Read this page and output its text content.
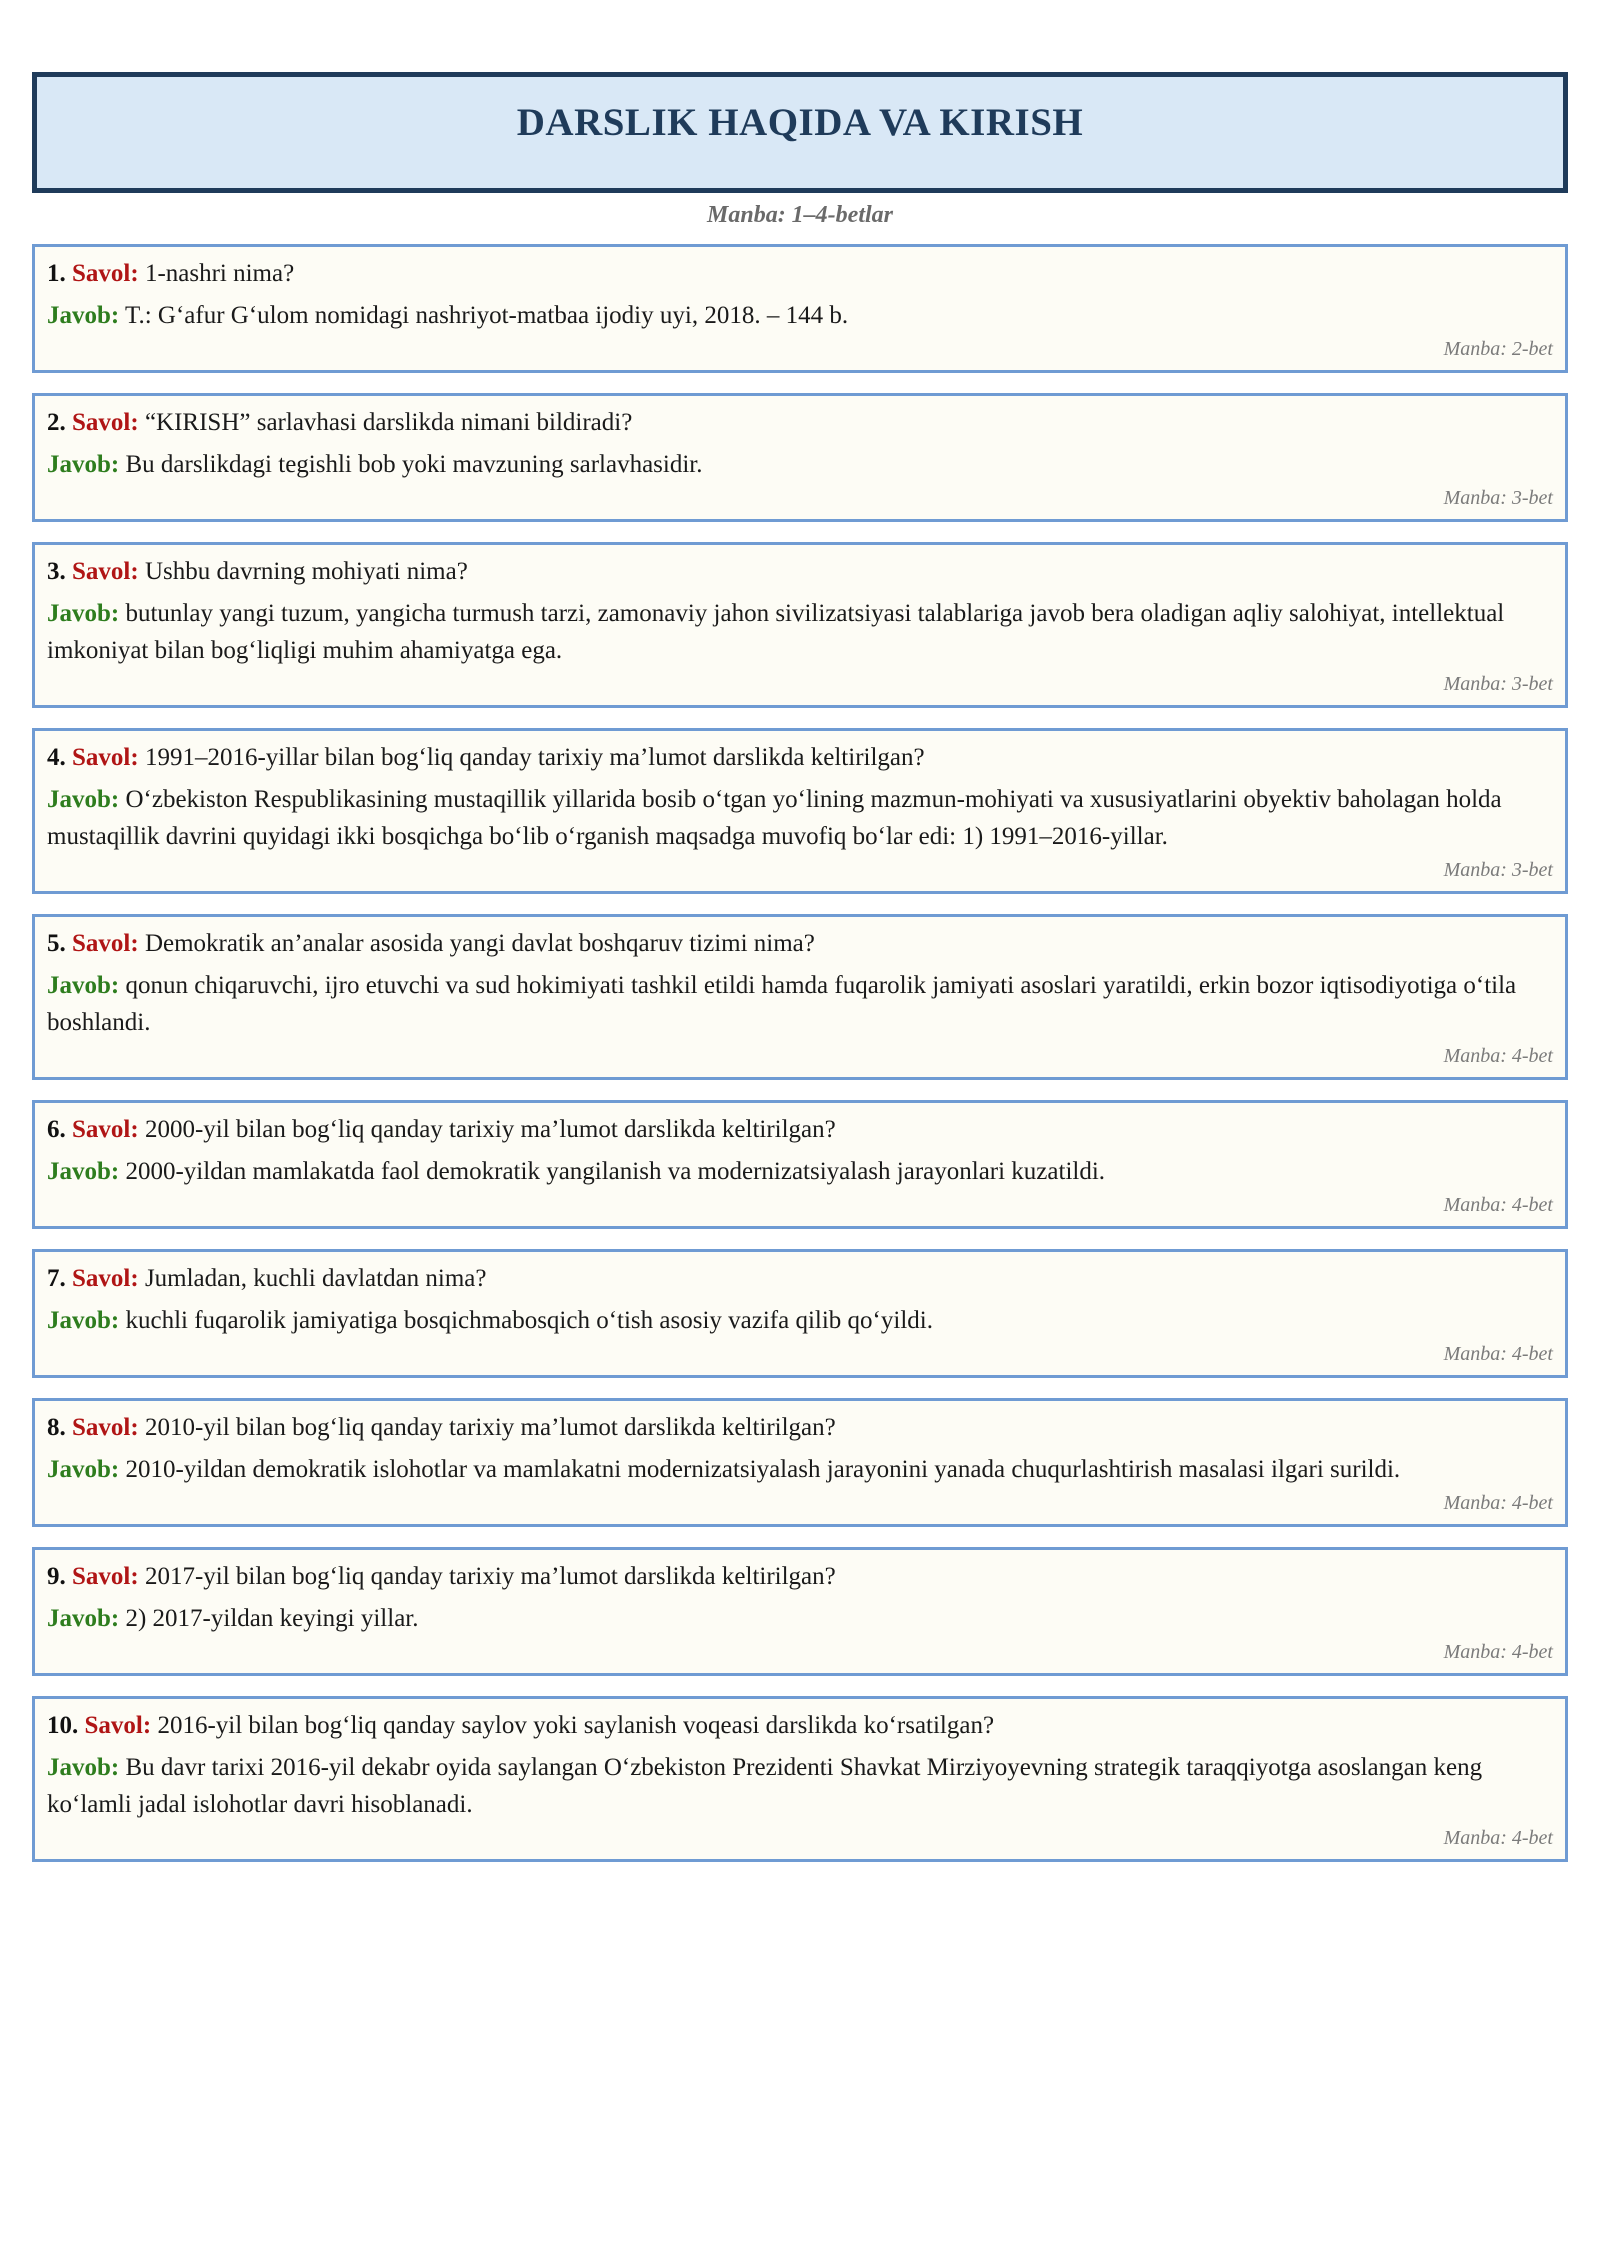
DARSLIK HAQIDA VA KIRISH
Manba: 1–4-betlar
1. Savol: 1-nashri nima?
Javob: T.: G‘afur G‘ulom nomidagi nashriyot-matbaa ijodiy uyi, 2018. – 144 b.
Manba: 2-bet
2. Savol: “KIRISH” sarlavhasi darslikda nimani bildiradi?
Javob: Bu darslikdagi tegishli bob yoki mavzuning sarlavhasidir.
Manba: 3-bet
3. Savol: Ushbu davrning mohiyati nima?
Javob: butunlay yangi tuzum, yangicha turmush tarzi, zamonaviy jahon sivilizatsiyasi talablariga javob bera oladigan aqliy salohiyat, intellektual imkoniyat bilan bog‘liqligi muhim ahamiyatga ega.
Manba: 3-bet
4. Savol: 1991–2016-yillar bilan bog‘liq qanday tarixiy ma’lumot darslikda keltirilgan?
Javob: O‘zbekiston Respublikasining mustaqillik yillarida bosib o‘tgan yo‘lining mazmun-mohiyati va xususiyatlarini obyektiv baholagan holda mustaqillik davrini quyidagi ikki bosqichga bo‘lib o‘rganish maqsadga muvofiq bo‘lar edi: 1) 1991–2016-yillar.
Manba: 3-bet
5. Savol: Demokratik an’analar asosida yangi davlat boshqaruv tizimi nima?
Javob: qonun chiqaruvchi, ijro etuvchi va sud hokimiyati tashkil etildi hamda fuqarolik jamiyati asoslari yaratildi, erkin bozor iqtisodiyotiga o‘tila boshlandi.
Manba: 4-bet
6. Savol: 2000-yil bilan bog‘liq qanday tarixiy ma’lumot darslikda keltirilgan?
Javob: 2000-yildan mamlakatda faol demokratik yangilanish va modernizatsiyalash jarayonlari kuzatildi.
Manba: 4-bet
7. Savol: Jumladan, kuchli davlatdan nima?
Javob: kuchli fuqarolik jamiyatiga bosqichmabosqich o‘tish asosiy vazifa qilib qo‘yildi.
Manba: 4-bet
8. Savol: 2010-yil bilan bog‘liq qanday tarixiy ma’lumot darslikda keltirilgan?
Javob: 2010-yildan demokratik islohotlar va mamlakatni modernizatsiyalash jarayonini yanada chuqurlashtirish masalasi ilgari surildi.
Manba: 4-bet
9. Savol: 2017-yil bilan bog‘liq qanday tarixiy ma’lumot darslikda keltirilgan?
Javob: 2) 2017-yildan keyingi yillar.
Manba: 4-bet
10. Savol: 2016-yil bilan bog‘liq qanday saylov yoki saylanish voqeasi darslikda ko‘rsatilgan?
Javob: Bu davr tarixi 2016-yil dekabr oyida saylangan O‘zbekiston Prezidenti Shavkat Mirziyoyevning strategik taraqqiyotga asoslangan keng ko‘lamli jadal islohotlar davri hisoblanadi.
Manba: 4-bet
